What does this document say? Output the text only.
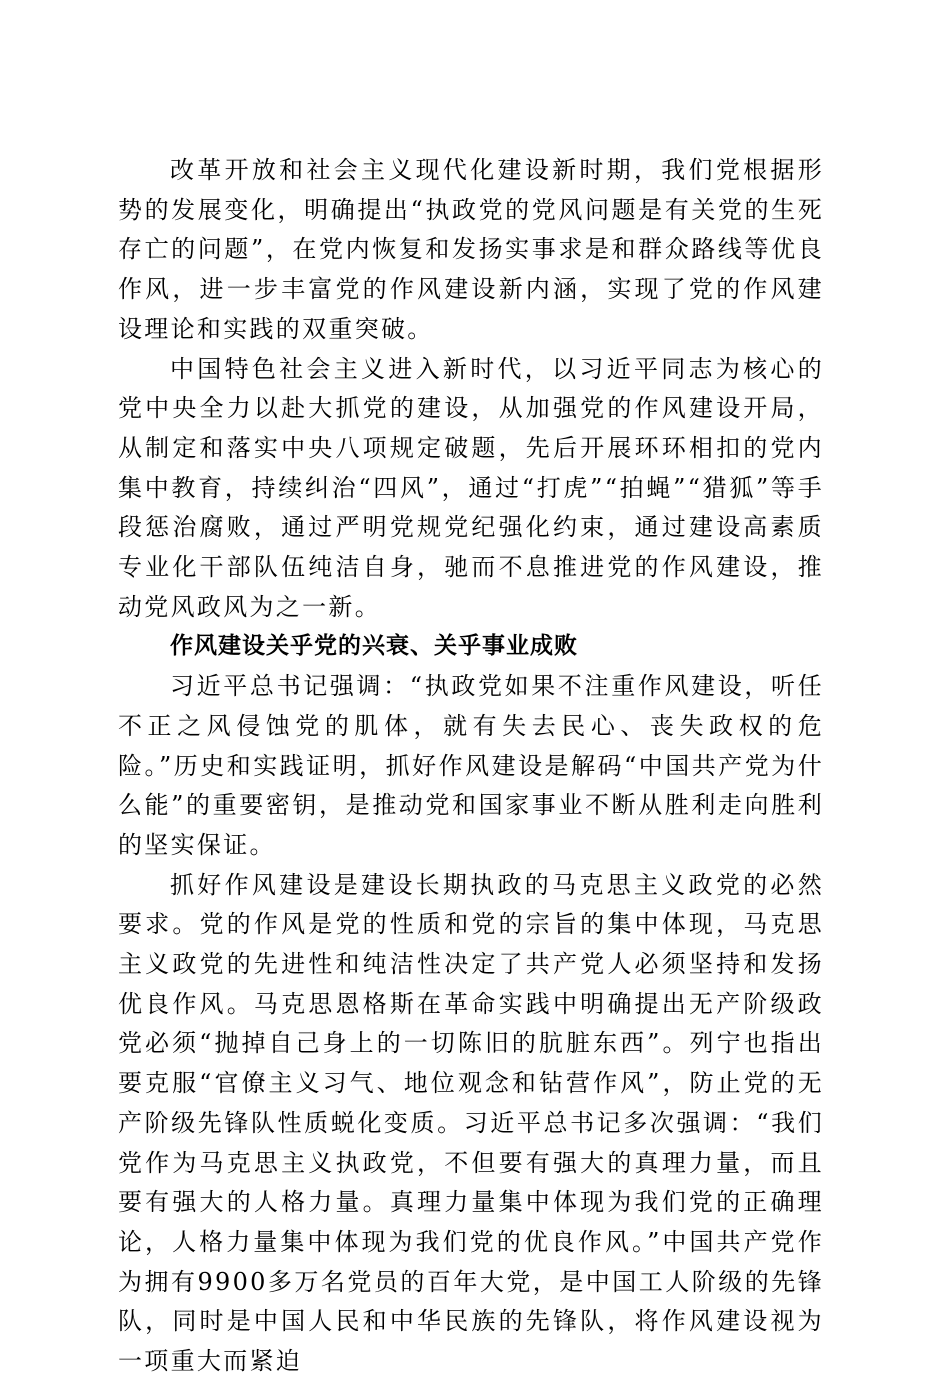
改革开放和社会主义现代化建设新时期，我们党根据形势的发展变化，明确提出“执政党的党风问题是有关党的生死存亡的问题”，在党内恢复和发扬实事求是和群众路线等优良作风，进一步丰富党的作风建设新内涵，实现了党的作风建设理论和实践的双重突破。

中国特色社会主义进入新时代，以习近平同志为核心的党中央全力以赴大抓党的建设，从加强党的作风建设开局，从制定和落实中央八项规定破题，先后开展环环相扣的党内集中教育，持续纠治“四风”，通过“打虎”“拍蝇”“猎狐”等手段惩治腐败，通过严明党规党纪强化约束，通过建设高素质专业化干部队伍纯洁自身，驰而不息推进党的作风建设，推动党风政风为之一新。

作风建设关乎党的兴衰、关乎事业成败

习近平总书记强调：“执政党如果不注重作风建设，听任不正之风侵蚀党的肌体，就有失去民心、丧失政权的危险。”历史和实践证明，抓好作风建设是解码“中国共产党为什么能”的重要密钥，是推动党和国家事业不断从胜利走向胜利的坚实保证。

抓好作风建设是建设长期执政的马克思主义政党的必然要求。党的作风是党的性质和党的宗旨的集中体现，马克思主义政党的先进性和纯洁性决定了共产党人必须坚持和发扬优良作风。马克思恩格斯在革命实践中明确提出无产阶级政党必须“抛掉自己身上的一切陈旧的肮脏东西”。列宁也指出要克服“官僚主义习气、地位观念和钻营作风”，防止党的无产阶级先锋队性质蜕化变质。习近平总书记多次强调：“我们党作为马克思主义执政党，不但要有强大的真理力量，而且要有强大的人格力量。真理力量集中体现为我们党的正确理论，人格力量集中体现为我们党的优良作风。”中国共产党作为拥有9900多万名党员的百年大党，是中国工人阶级的先锋队，同时是中国人民和中华民族的先锋队，将作风建设视为一项重大而紧迫
